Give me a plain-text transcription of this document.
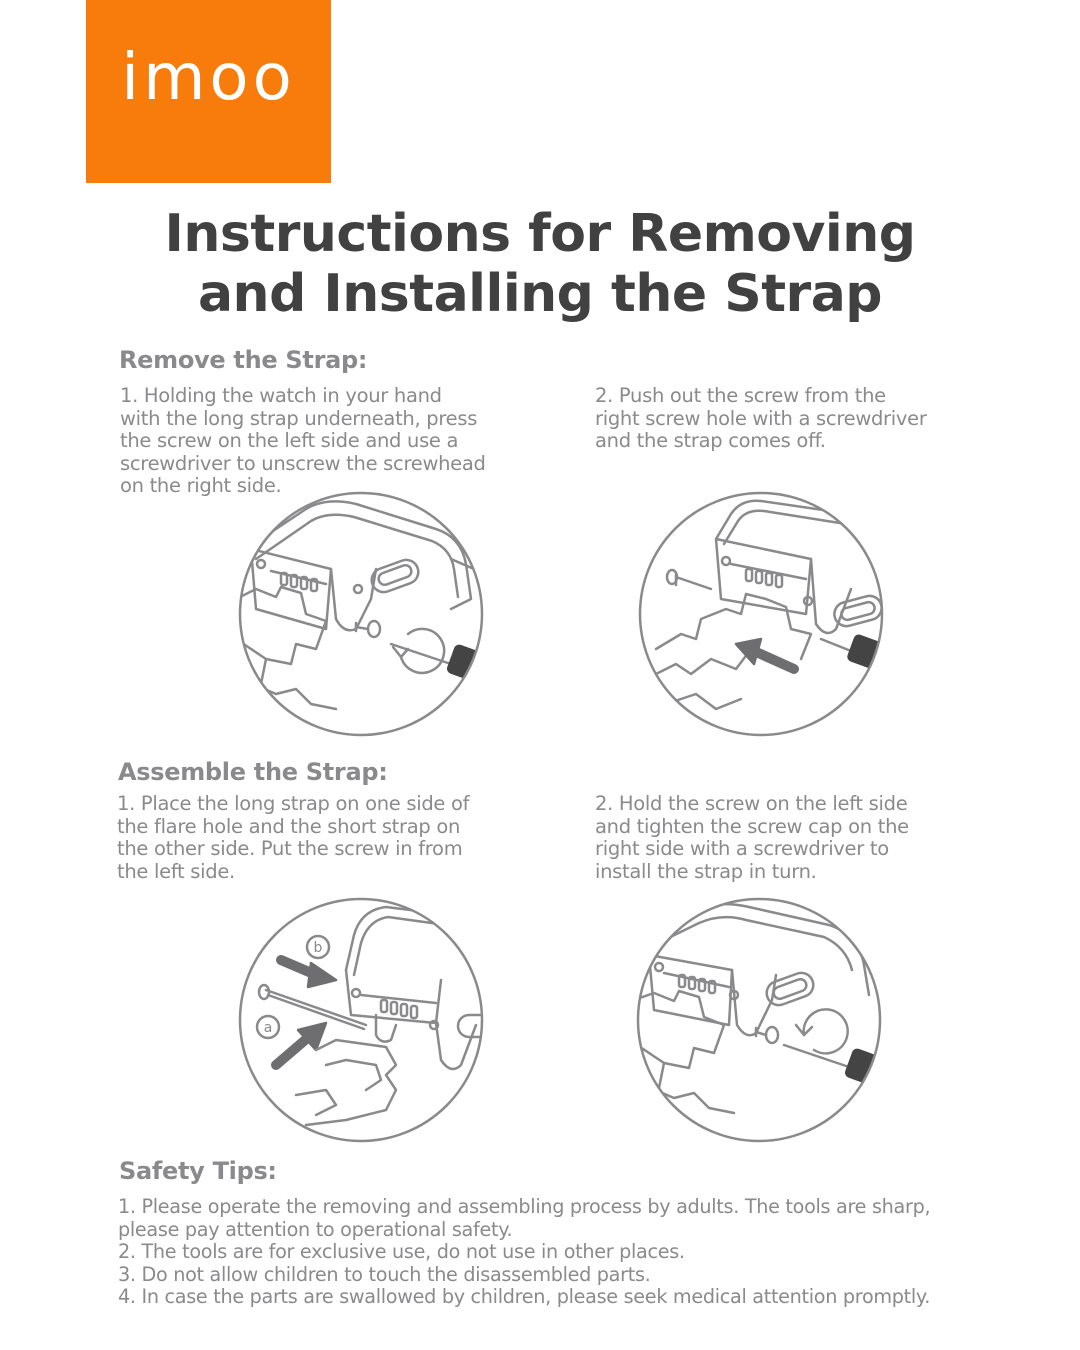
imoo
Instructions for Removing
and Installing the Strap
Remove the Strap:
1. Holding the watch in your hand
with the long strap underneath, press
the screw on the left side and use a
screwdriver to unscrew the screwhead
on the right side.
2. Push out the screw from the
right screw hole with a screwdriver
and the strap comes off.
Assemble the Strap:
1. Place the long strap on one side of
the flare hole and the short strap on
the other side. Put the screw in from
the left side.
2. Hold the screw on the left side
and tighten the screw cap on the
right side with a screwdriver to
install the strap in turn.
b
a
Safety Tips:
1. Please operate the removing and assembling process by adults. The tools are sharp,
please pay attention to operational safety.
2. The tools are for exclusive use, do not use in other places.
3. Do not allow children to touch the disassembled parts.
4. In case the parts are swallowed by children, please seek medical attention promptly.
